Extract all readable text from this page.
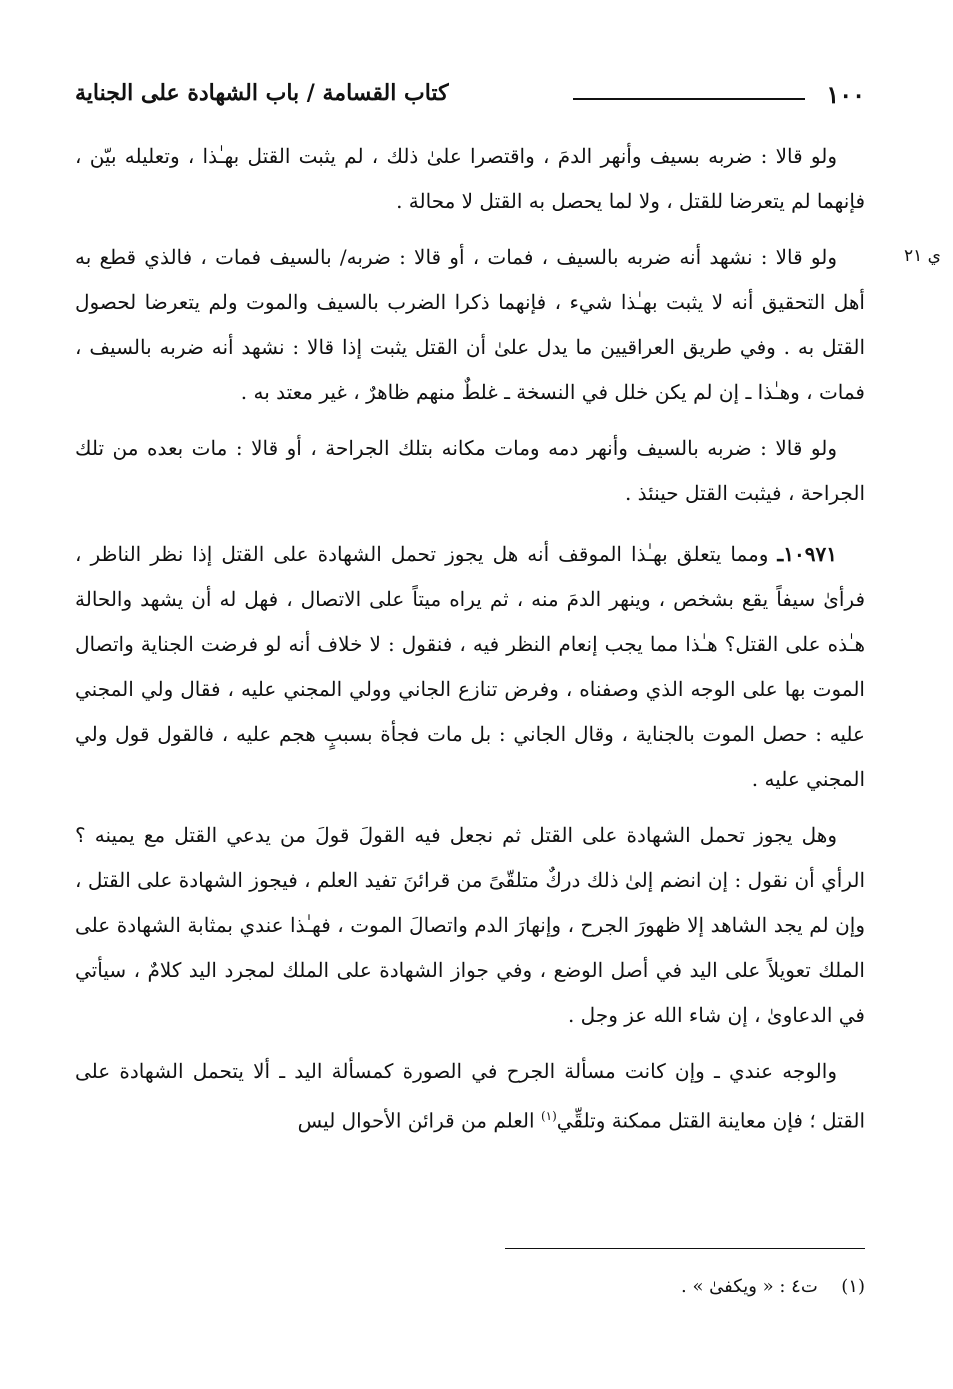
١٠٠
كتاب القسامة / باب الشهادة على الجناية
ي ٢١

ولو قالا : ضربه بسيف وأنهر الدمَ ، واقتصرا علىٰ ذلك ، لم يثبت القتل بهـٰذا ، وتعليله بيّن ، فإنهما لم يتعرضا للقتل ، ولا لما يحصل به القتل لا محالة .

ولو قالا : نشهد أنه ضربه بالسيف ، فمات ، أو قالا : ضربه/ بالسيف فمات ، فالذي قطع به أهل التحقيق أنه لا يثبت بهـٰذا شيء ، فإنهما ذكرا الضرب بالسيف والموت ولم يتعرضا لحصول القتل به . وفي طريق العراقيين ما يدل علىٰ أن القتل يثبت إذا قالا : نشهد أنه ضربه بالسيف ، فمات ، وهـٰذا ـ إن لم يكن خلل في النسخة ـ غلطٌ منهم ظاهرٌ ، غير معتد به .

ولو قالا : ضربه بالسيف وأنهر دمه ومات مكانه بتلك الجراحة ، أو قالا : مات بعده من تلك الجراحة ، فيثبت القتل حينئذ .

١٠٩٧١ـ ومما يتعلق بهـٰذا الموقف أنه هل يجوز تحمل الشهادة على القتل إذا نظر الناظر ، فرأىٰ سيفاً يقع بشخص ، وينهر الدمَ منه ، ثم يراه ميتاً على الاتصال ، فهل له أن يشهد والحالة هـٰذه على القتل؟ هـٰذا مما يجب إنعام النظر فيه ، فنقول : لا خلاف أنه لو فرضت الجناية واتصال الموت بها على الوجه الذي وصفناه ، وفرض تنازع الجاني وولي المجني عليه ، فقال ولي المجني عليه : حصل الموت بالجناية ، وقال الجاني : بل مات فجأة بسببٍ هجم عليه ، فالقول قول ولي المجني عليه .

وهل يجوز تحمل الشهادة على القتل ثم نجعل فيه القولَ قولَ من يدعي القتل مع يمينه ؟ الرأي أن نقول : إن انضم إلىٰ ذلك دركٌ متلقّىً من قرائنَ تفيد العلم ، فيجوز الشهادة على القتل ، وإن لم يجد الشاهد إلا ظهورَ الجرح ، وإنهارَ الدم واتصالَ الموت ، فهـٰذا عندي بمثابة الشهادة على الملك تعويلاً على اليد في أصل الوضع ، وفي جواز الشهادة على الملك لمجرد اليد كلامٌ ، سيأتي في الدعاوىٰ ، إن شاء الله عز وجل .

والوجه عندي ـ وإن كانت مسألة الجرح في الصورة كمسألة اليد ـ ألا يتحمل الشهادة على القتل ؛ فإن معاينة القتل ممكنة وتلقِّي$^{(١)}$ العلم من قرائن الأحوال ليس

(١)  ت٤ : « ويكفىٰ » .
